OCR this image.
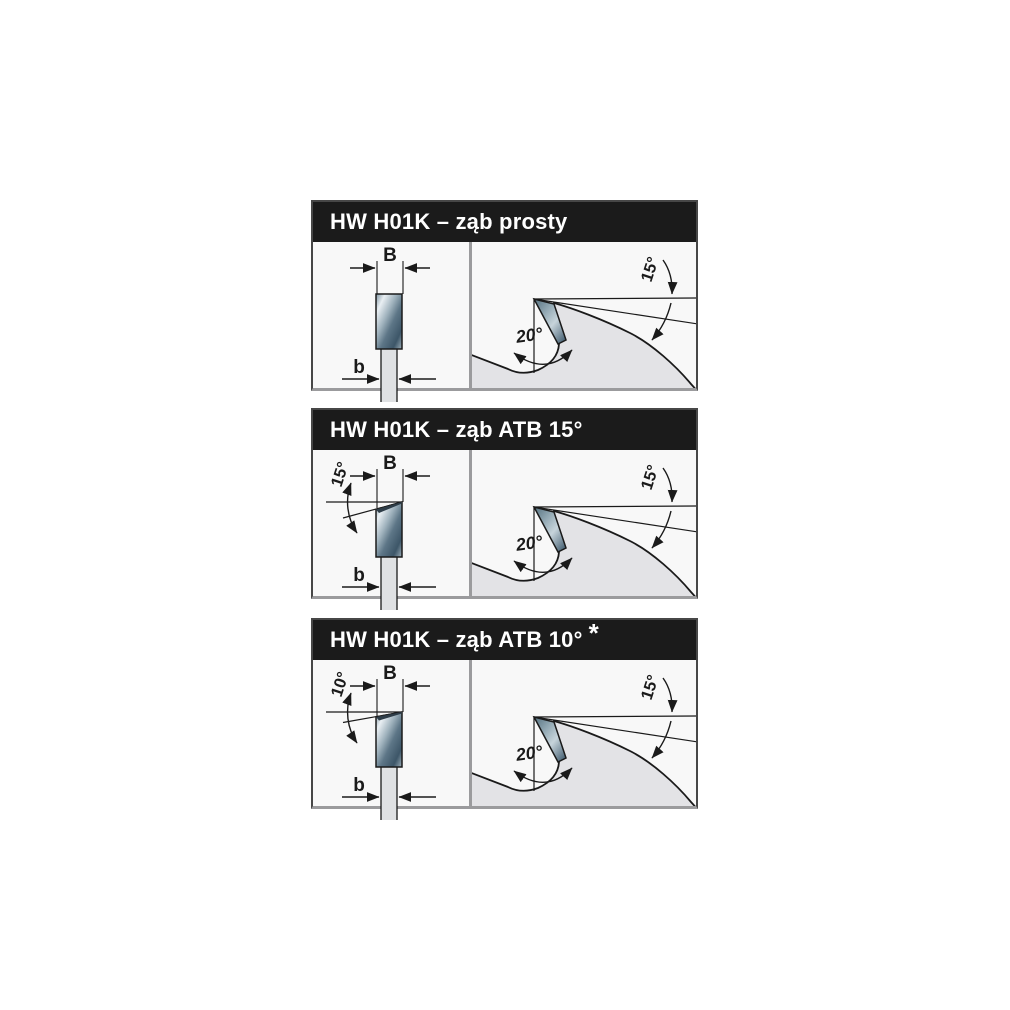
HW H01K – ząb prosty
B
b
20°
15°
HW H01K – ząb ATB 15°
B
15°
b
20°
15°
HW H01K – ząb ATB 10° *
B
10°
b
20°
15°
